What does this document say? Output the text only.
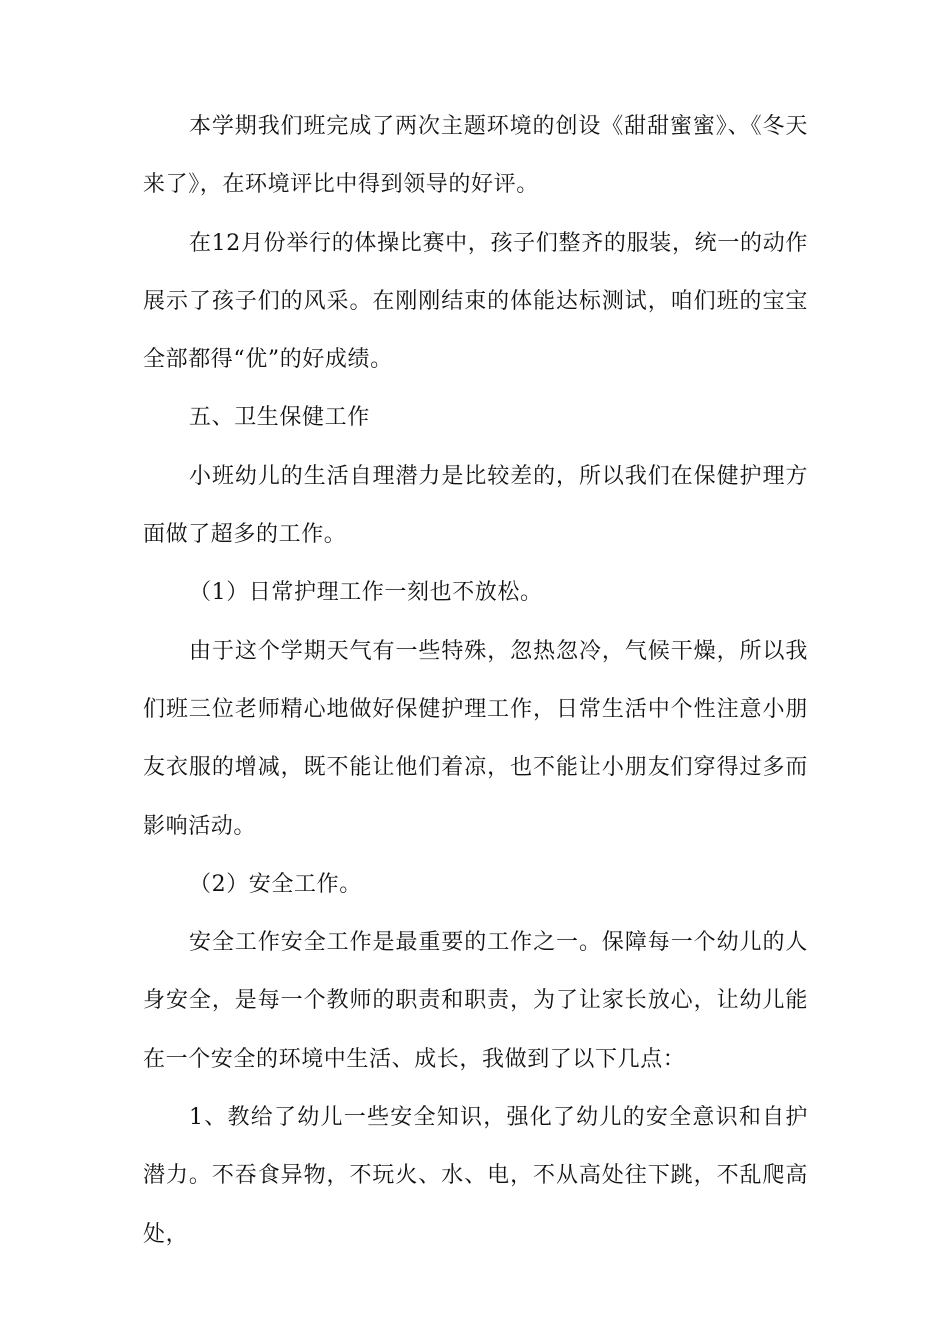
本学期我们班完成了两次主题环境的创设《甜甜蜜蜜》、《冬天来了》，在环境评比中得到领导的好评。

在12月份举行的体操比赛中，孩子们整齐的服装，统一的动作展示了孩子们的风采。在刚刚结束的体能达标测试，咱们班的宝宝全部都得“优”的好成绩。

五、卫生保健工作

小班幼儿的生活自理潜力是比较差的，所以我们在保健护理方面做了超多的工作。

（1）日常护理工作一刻也不放松。

由于这个学期天气有一些特殊，忽热忽冷，气候干燥，所以我们班三位老师精心地做好保健护理工作，日常生活中个性注意小朋友衣服的增减，既不能让他们着凉，也不能让小朋友们穿得过多而影响活动。

（2）安全工作。

安全工作安全工作是最重要的工作之一。保障每一个幼儿的人身安全，是每一个教师的职责和职责，为了让家长放心，让幼儿能在一个安全的环境中生活、成长，我做到了以下几点：

1、教给了幼儿一些安全知识，强化了幼儿的安全意识和自护潜力。不吞食异物，不玩火、水、电，不从高处往下跳，不乱爬高处，
